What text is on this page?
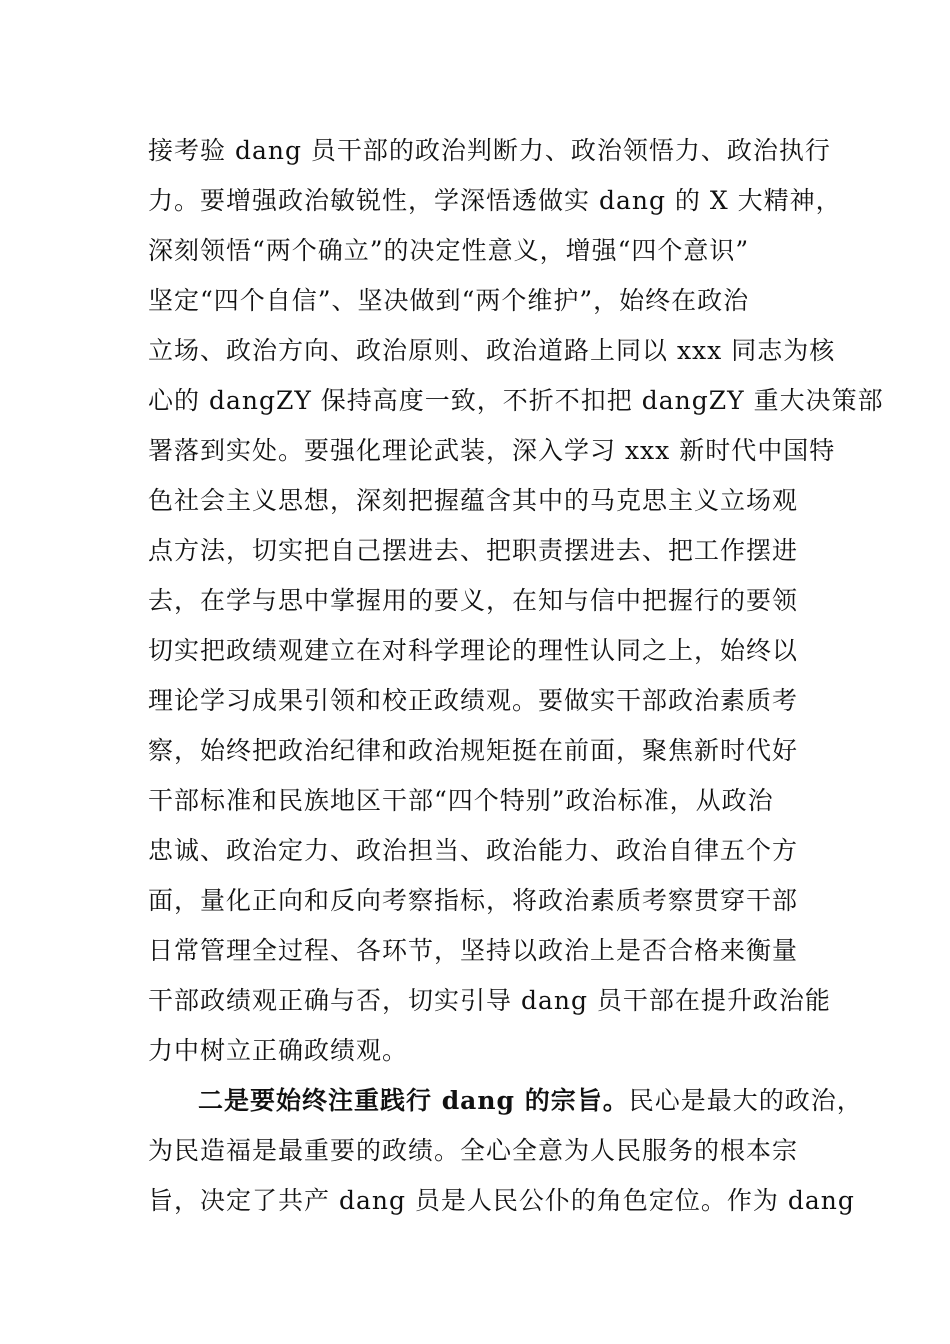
接考验 dang 员干部的政治判断力、政治领悟力、政治执行
力。要增强政治敏锐性，学深悟透做实 dang 的 X 大精神，
深刻领悟“两个确立”的决定性意义，增强“四个意识”
坚定“四个自信”、坚决做到“两个维护”，始终在政治
立场、政治方向、政治原则、政治道路上同以 xxx 同志为核
心的 dangZY 保持高度一致，不折不扣把 dangZY 重大决策部
署落到实处。要强化理论武装，深入学习 xxx 新时代中国特
色社会主义思想，深刻把握蕴含其中的马克思主义立场观
点方法，切实把自己摆进去、把职责摆进去、把工作摆进
去，在学与思中掌握用的要义，在知与信中把握行的要领
切实把政绩观建立在对科学理论的理性认同之上，始终以
理论学习成果引领和校正政绩观。要做实干部政治素质考
察，始终把政治纪律和政治规矩挺在前面，聚焦新时代好
干部标准和民族地区干部“四个特别”政治标准，从政治
忠诚、政治定力、政治担当、政治能力、政治自律五个方
面，量化正向和反向考察指标，将政治素质考察贯穿干部
日常管理全过程、各环节，坚持以政治上是否合格来衡量
干部政绩观正确与否，切实引导 dang 员干部在提升政治能
力中树立正确政绩观。
二是要始终注重践行 dang 的宗旨。民心是最大的政治，
为民造福是最重要的政绩。全心全意为人民服务的根本宗
旨，决定了共产 dang 员是人民公仆的角色定位。作为 dang
